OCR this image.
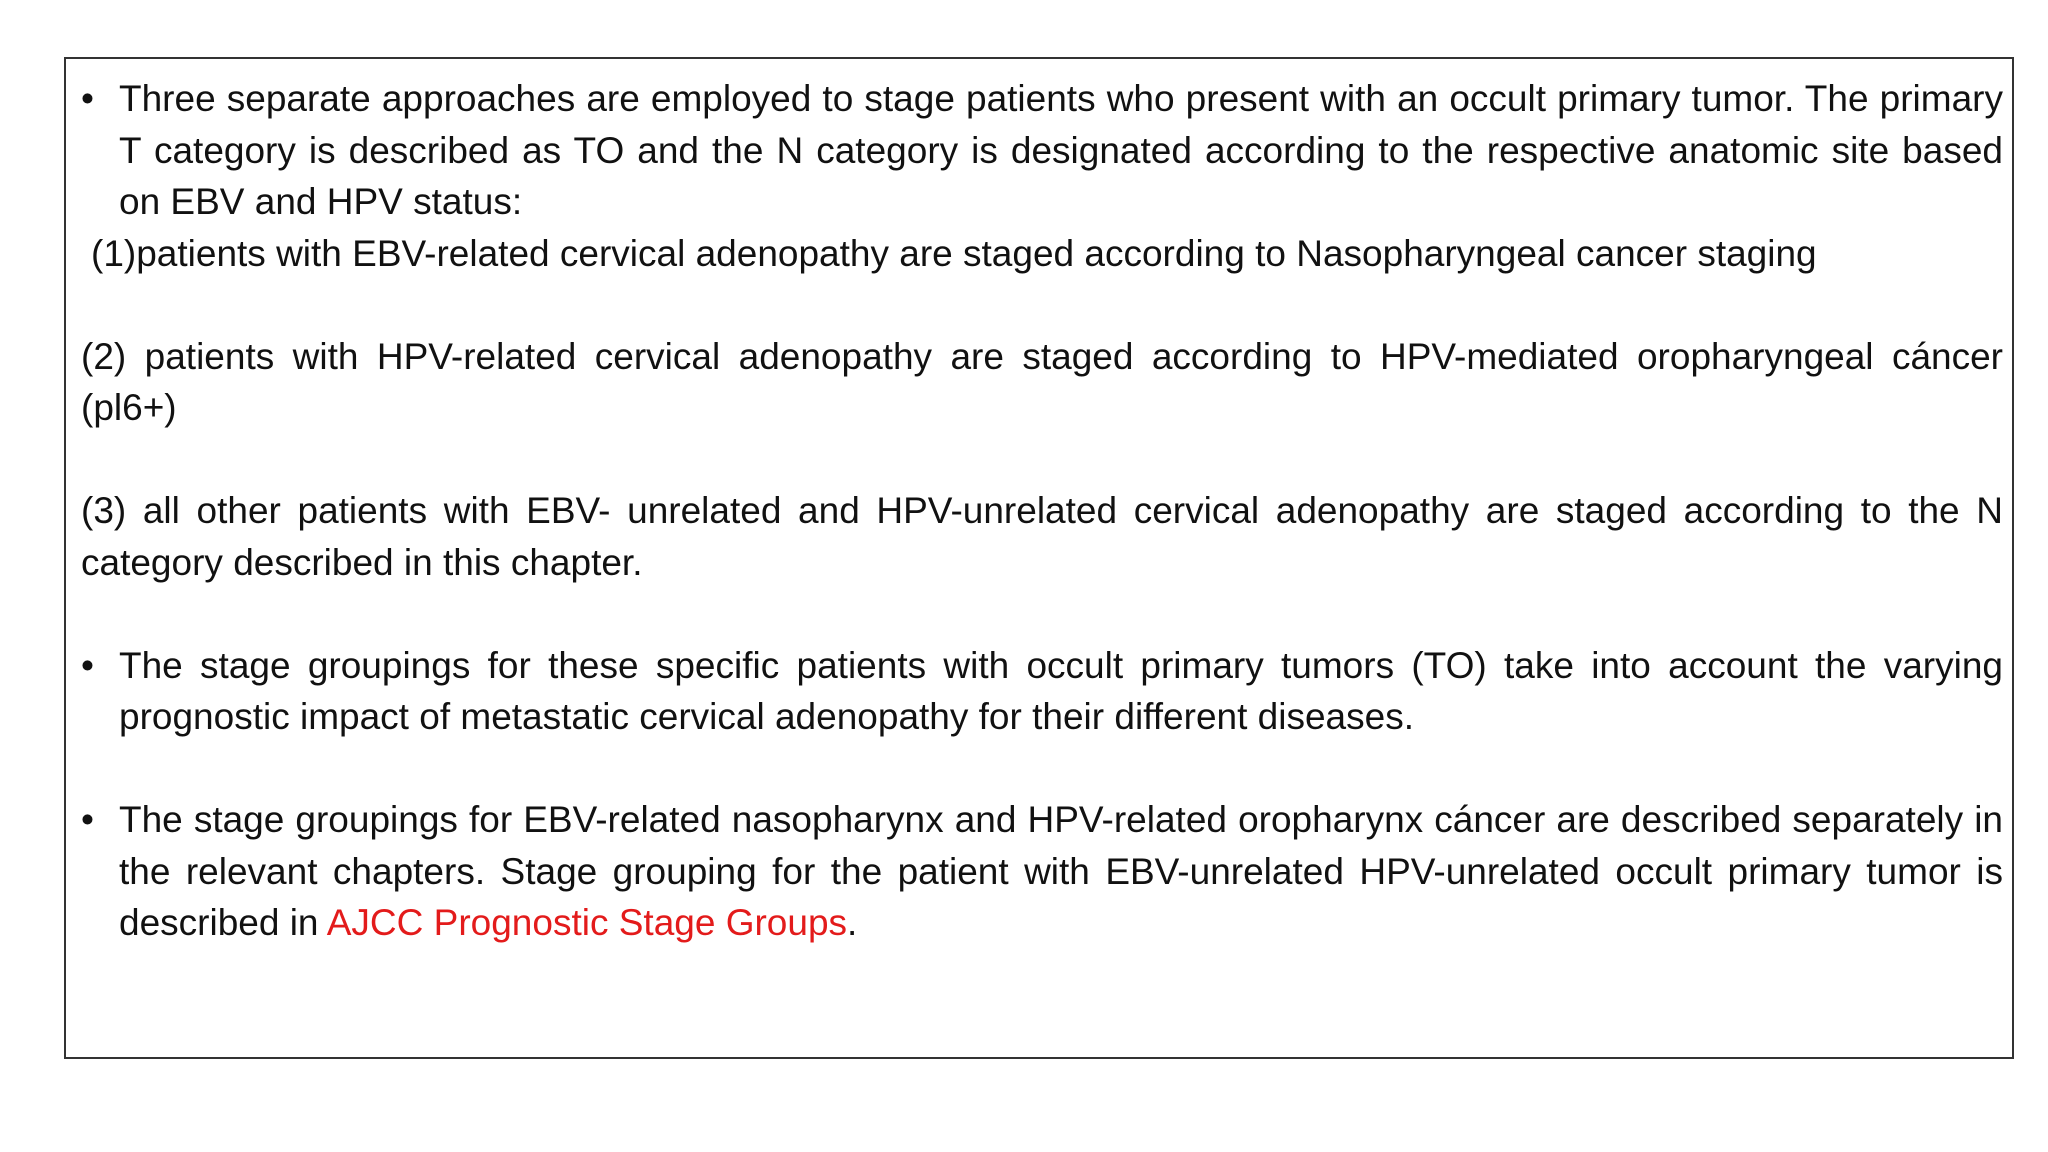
• Three separate approaches are employed to stage patients who present with an occult primary tumor. The primary T category is described as TO and the N category is designated according to the respective anatomic site based on EBV and HPV status:

(1)patients with EBV-related cervical adenopathy are staged according to Nasopharyngeal cancer staging

(2) patients with HPV-related cervical adenopathy are staged according to HPV-mediated oropharyngeal cáncer (pl6+)

(3) all other patients with EBV- unrelated and HPV-unrelated cervical adenopathy are staged according to the N category described in this chapter.

• The stage groupings for these specific patients with occult primary tumors (TO) take into account the varying prognostic impact of metastatic cervical adenopathy for their different diseases.

• The stage groupings for EBV-related nasopharynx and HPV-related oropharynx cáncer are described separately in the relevant chapters. Stage grouping for the patient with EBV-unrelated HPV-unrelated occult primary tumor is described in AJCC Prognostic Stage Groups.
